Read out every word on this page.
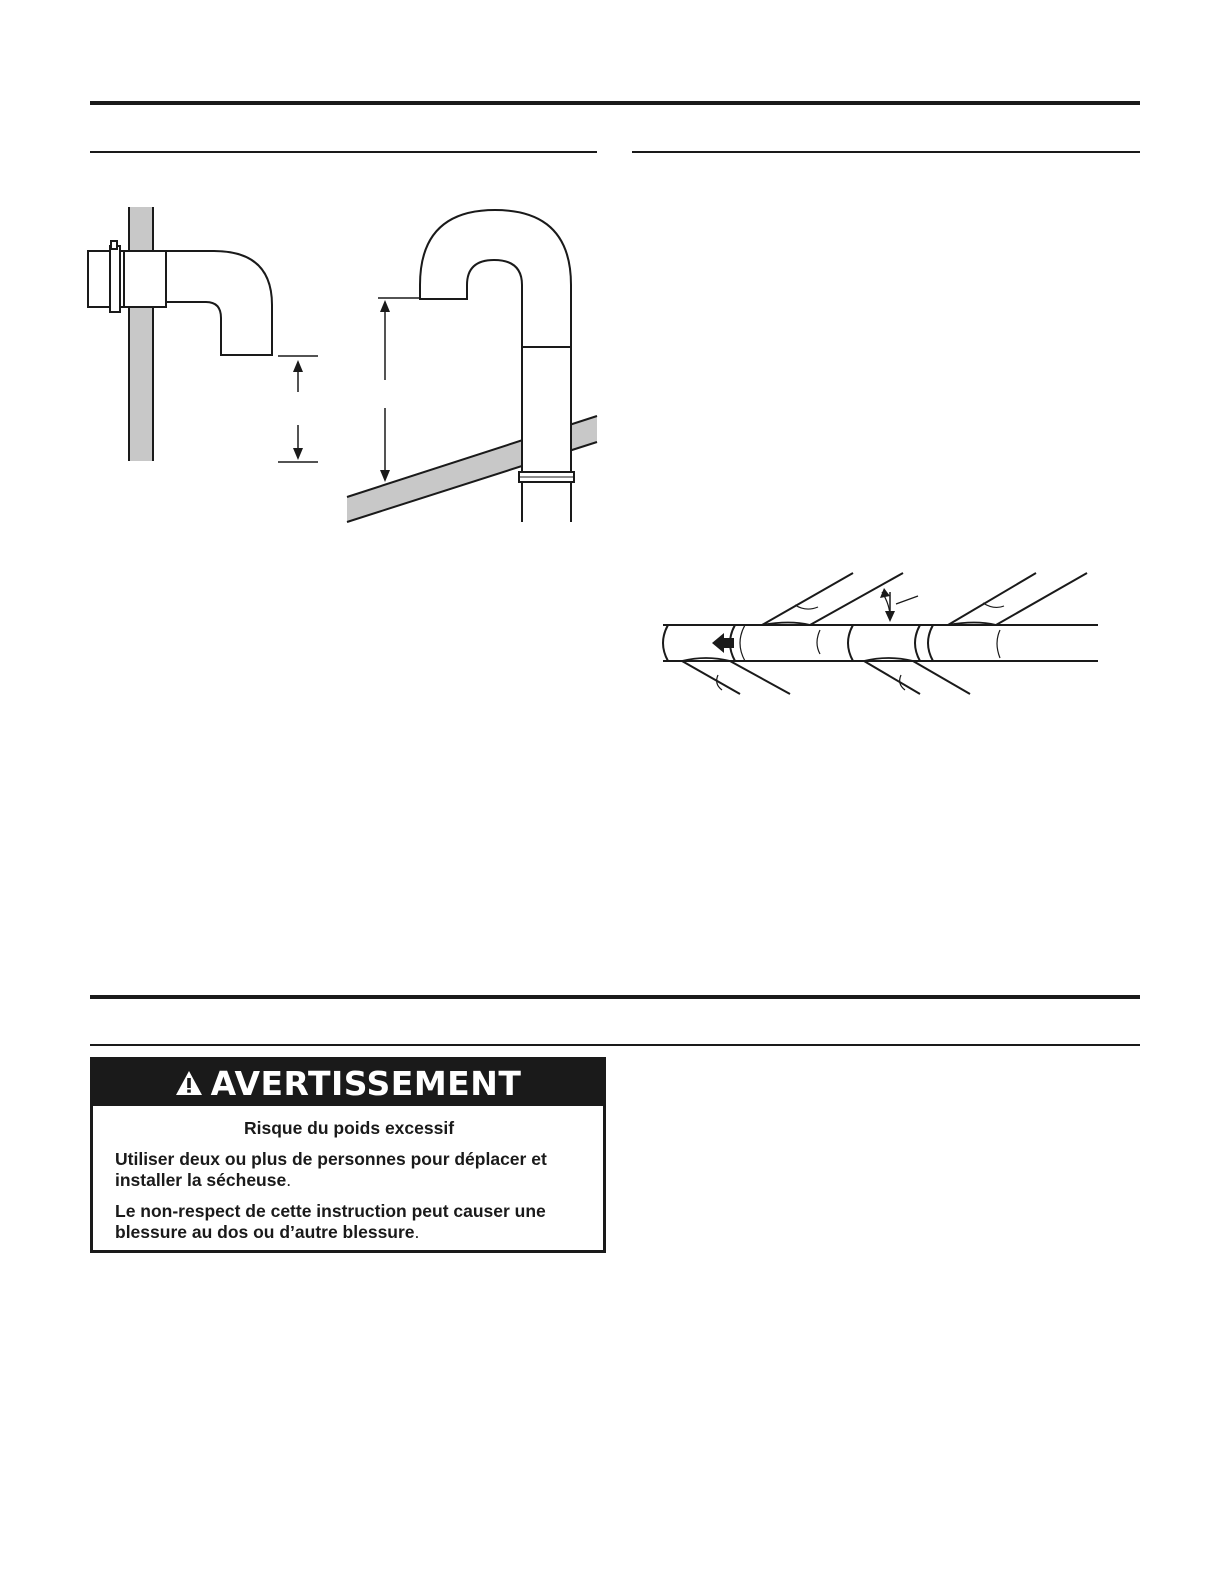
AVERTISSEMENT
Risque du poids excessif

Utiliser deux ou plus de personnes pour déplacer et installer la sécheuse.

Le non-respect de cette instruction peut causer une blessure au dos ou d’autre blessure.
